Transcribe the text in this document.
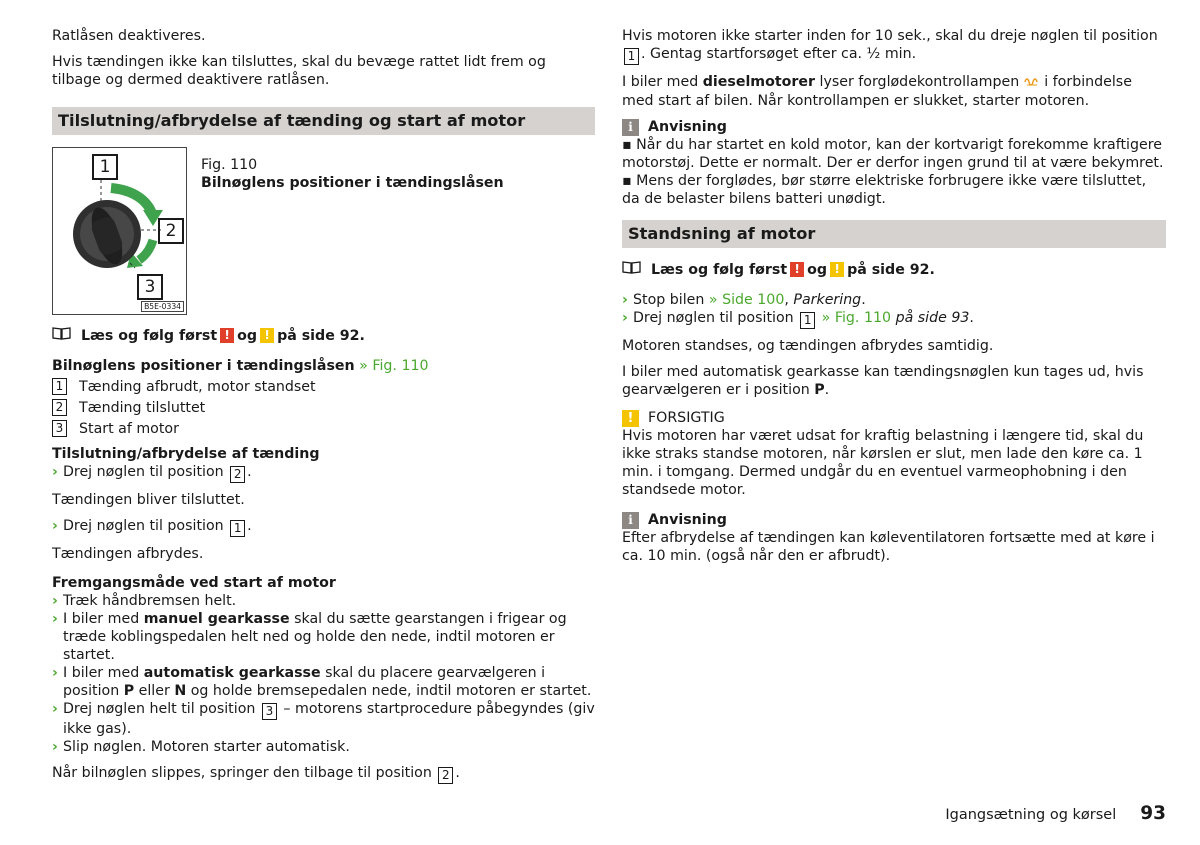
Ratlåsen deaktiveres.

Hvis tændingen ikke kan tilsluttes, skal du bevæge rattet lidt frem og tilbage og dermed deaktivere ratlåsen.

Tilslutning/afbrydelse af tænding og start af motor
1
2
3
B5E-0334
Fig. 110
Bilnøglens positioner i tændingslåsen
Læs og følg først ! og ! på side 92.
Bilnøglens positioner i tændingslåsen » Fig. 110
1 Tænding afbrudt, motor standset
2 Tænding tilsluttet
3 Start af motor
Tilslutning/afbrydelse af tænding

› Drej nøglen til position 2 .

Tændingen bliver tilsluttet.

› Drej nøglen til position 1 .

Tændingen afbrydes.

Fremgangsmåde ved start af motor
› Træk håndbremsen helt.
› I biler med manuel gearkasse skal du sætte gearstangen i frigear og træde koblingspedalen helt ned og holde den nede, indtil motoren er startet.
› I biler med automatisk gearkasse skal du placere gearvælgeren i position P eller N og holde bremsepedalen nede, indtil motoren er startet.
› Drej nøglen helt til position 3 – motorens startprocedure påbegyndes (giv ikke gas).
› Slip nøglen. Motoren starter automatisk.

Når bilnøglen slippes, springer den tilbage til position 2 .

Hvis motoren ikke starter inden for 10 sek., skal du dreje nøglen til position 1 . Gentag startforsøget efter ca. ½ min.

I biler med dieselmotorer lyser forglødekontrollampen i forbindelse med start af bilen. Når kontrollampen er slukket, starter motoren.

i	Anvisning
▪ Når du har startet en kold motor, kan der kortvarigt forekomme kraftigere motorstøj. Dette er normalt. Der er derfor ingen grund til at være bekymret.
▪ Mens der forglødes, bør større elektriske forbrugere ikke være tilsluttet, da de belaster bilens batteri unødigt.
Standsning af motor
Læs og følg først ! og ! på side 92.
› Stop bilen » Side 100, Parkering.
› Drej nøglen til position 1 » Fig. 110 på side 93.

Motoren standses, og tændingen afbrydes samtidig.

I biler med automatisk gearkasse kan tændingsnøglen kun tages ud, hvis gearvælgeren er i position P.

!	FORSIGTIG

Hvis motoren har været udsat for kraftig belastning i længere tid, skal du ikke straks standse motoren, når kørslen er slut, men lade den køre ca. 1 min. i tomgang. Dermed undgår du en eventuel varmeophobning i den standsede motor.

i	Anvisning

Efter afbrydelse af tændingen kan køleventilatoren fortsætte med at køre i ca. 10 min. (også når den er afbrudt).

Igangsætning og kørsel 93
